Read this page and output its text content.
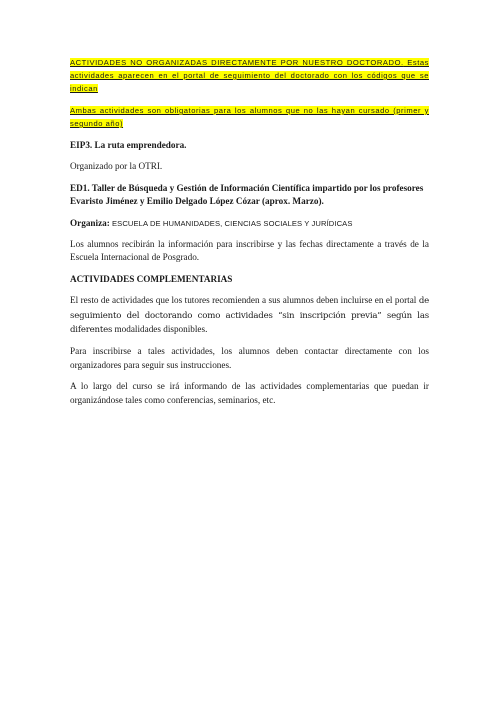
ACTIVIDADES NO ORGANIZADAS DIRECTAMENTE POR NUESTRO DOCTORADO. Estas actividades aparecen en el portal de seguimiento del doctorado con los códigos que se indican

Ambas actividades son obligatorias para los alumnos que no las hayan cursado (primer y segundo año)

EIP3. La ruta emprendedora.

Organizado por la OTRI.

ED1. Taller de Búsqueda y Gestión de Información Científica impartido por los profesores Evaristo Jiménez y Emilio Delgado López Cózar (aprox. Marzo).

Organiza: ESCUELA DE HUMANIDADES, CIENCIAS SOCIALES Y JURÍDICAS

Los alumnos recibirán la información para inscribirse y las fechas directamente a través de la Escuela Internacional de Posgrado.

ACTIVIDADES COMPLEMENTARIAS

El resto de actividades que los tutores recomienden a sus alumnos deben incluirse en el portal de seguimiento del doctorando como actividades “sin inscripción previa” según las diferentes modalidades disponibles.

Para inscribirse a tales actividades, los alumnos deben contactar directamente con los organizadores para seguir sus instrucciones.

A lo largo del curso se irá informando de las actividades complementarias que puedan ir organizándose tales como conferencias, seminarios, etc.
